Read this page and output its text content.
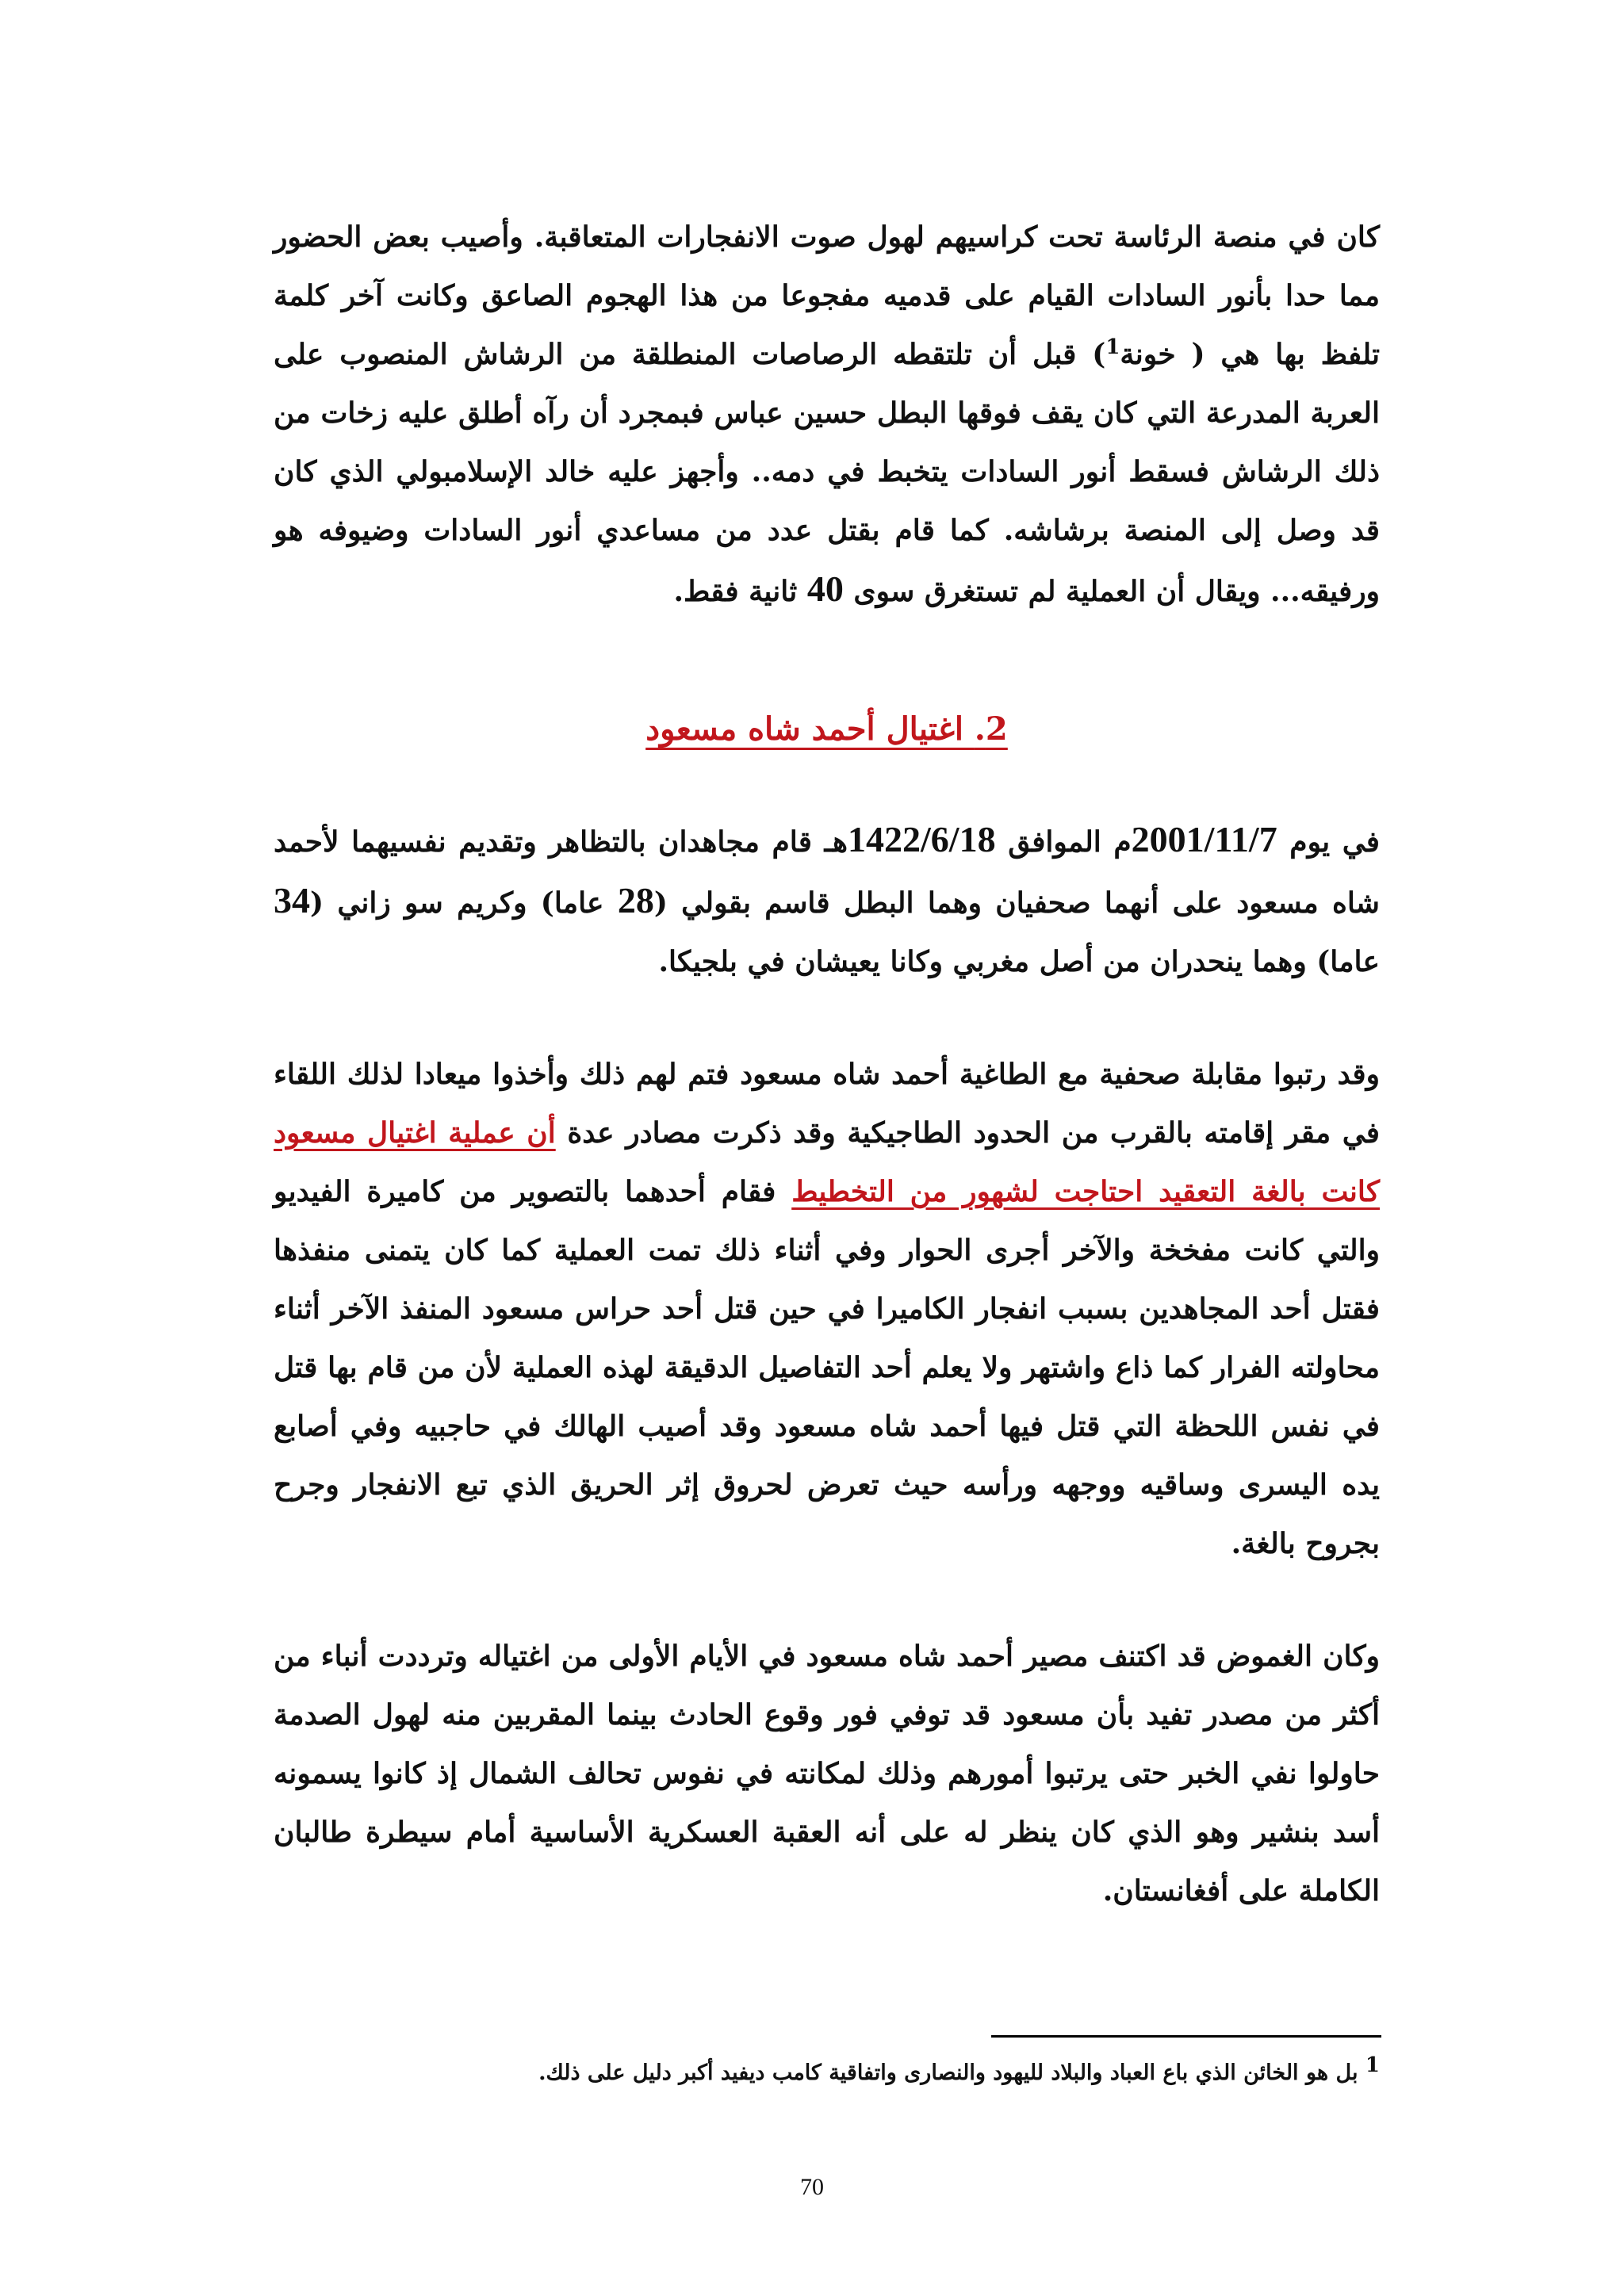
كان في منصة الرئاسة تحت كراسيهم لهول صوت الانفجارات المتعاقبة. وأصيب بعض الحضور مما حدا بأنور السادات القيام على قدميه مفجوعا من هذا الهجوم الصاعق وكانت آخر كلمة تلفظ بها هي ( خونة$^1$) قبل أن تلتقطه الرصاصات المنطلقة من الرشاش المنصوب على العربة المدرعة التي كان يقف فوقها البطل حسين عباس فبمجرد أن رآه أطلق عليه زخات من ذلك الرشاش فسقط أنور السادات يتخبط في دمه.. وأجهز عليه خالد الإسلامبولي الذي كان قد وصل إلى المنصة برشاشه. كما قام بقتل عدد من مساعدي أنور السادات وضيوفه هو ورفيقه... ويقال أن العملية لم تستغرق سوى 40 ثانية فقط.

2. اغتيال أحمد شاه مسعود

في يوم 2001/11/7م الموافق 1422/6/18هـ قام مجاهدان بالتظاهر وتقديم نفسيهما لأحمد شاه مسعود على أنهما صحفيان وهما البطل قاسم بقولي (28 عاما) وكريم سو زاني (34 عاما) وهما ينحدران من أصل مغربي وكانا يعيشان في بلجيكا.

وقد رتبوا مقابلة صحفية مع الطاغية أحمد شاه مسعود فتم لهم ذلك وأخذوا ميعادا لذلك اللقاء في مقر إقامته بالقرب من الحدود الطاجيكية وقد ذكرت مصادر عدة أن عملية اغتيال مسعود كانت بالغة التعقيد احتاجت لشهور من التخطيط فقام أحدهما بالتصوير من كاميرة الفيديو والتي كانت مفخخة والآخر أجرى الحوار وفي أثناء ذلك تمت العملية كما كان يتمنى منفذها فقتل أحد المجاهدين بسبب انفجار الكاميرا في حين قتل أحد حراس مسعود المنفذ الآخر أثناء محاولته الفرار كما ذاع واشتهر ولا يعلم أحد التفاصيل الدقيقة لهذه العملية لأن من قام بها قتل في نفس اللحظة التي قتل فيها أحمد شاه مسعود وقد أصيب الهالك في حاجبيه وفي أصابع يده اليسرى وساقيه ووجهه ورأسه حيث تعرض لحروق إثر الحريق الذي تبع الانفجار وجرح بجروح بالغة.

وكان الغموض قد اكتنف مصير أحمد شاه مسعود في الأيام الأولى من اغتياله وترددت أنباء من أكثر من مصدر تفيد بأن مسعود قد توفي فور وقوع الحادث بينما المقربين منه لهول الصدمة حاولوا نفي الخبر حتى يرتبوا أمورهم وذلك لمكانته في نفوس تحالف الشمال إذ كانوا يسمونه أسد بنشير وهو الذي كان ينظر له على أنه العقبة العسكرية الأساسية أمام سيطرة طالبان الكاملة على أفغانستان.

$^1$ بل هو الخائن الذي باع العباد والبلاد لليهود والنصارى واتفاقية كامب ديفيد أكبر دليل على ذلك.

70
